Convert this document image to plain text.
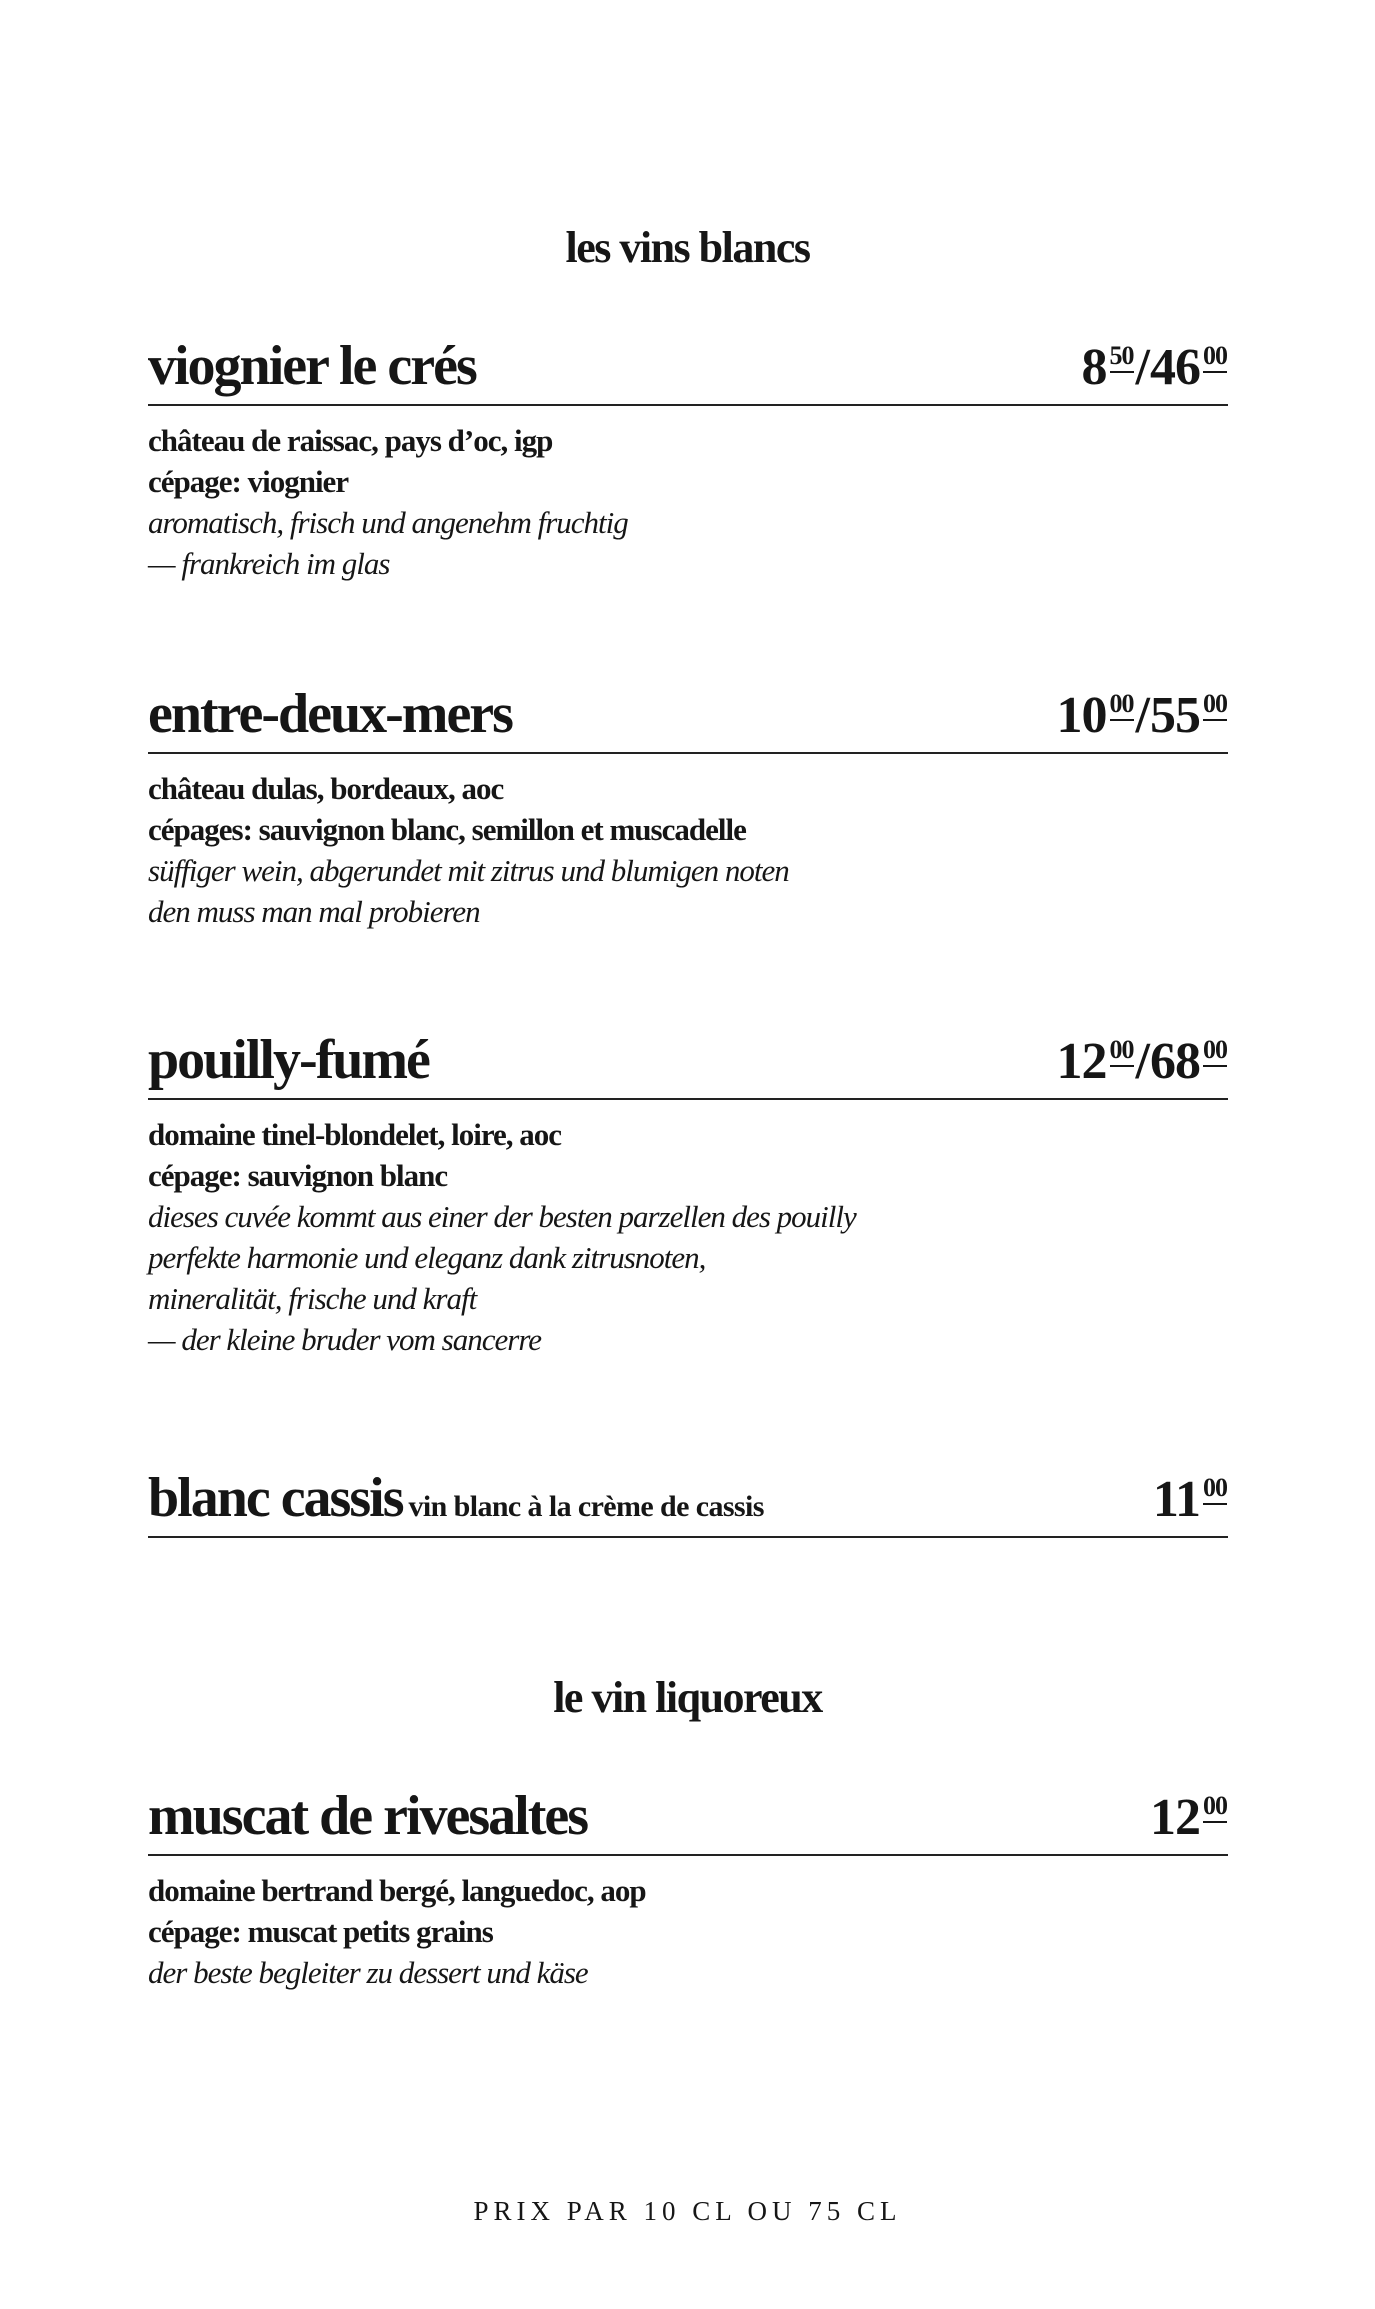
les vins blancs
viognier le crés	8 50/46 00
château de raissac, pays d’oc, igp
cépage: viognier
aromatisch, frisch und angenehm fruchtig
— frankreich im glas
entre-deux-mers	10 00/55 00
château dulas, bordeaux, aoc
cépages: sauvignon blanc, semillon et muscadelle
süffiger wein, abgerundet mit zitrus und blumigen noten
den muss man mal probieren
pouilly-fumé	12 00/68 00
domaine tinel-blondelet, loire, aoc
cépage: sauvignon blanc
dieses cuvée kommt aus einer der besten parzellen des pouilly
perfekte harmonie und eleganz dank zitrusnoten,
mineralität, frische und kraft
— der kleine bruder vom sancerre
blanc cassis vin blanc à la crème de cassis	11 00
le vin liquoreux
muscat de rivesaltes	12 00
domaine bertrand bergé, languedoc, aop
cépage: muscat petits grains
der beste begleiter zu dessert und käse
PRIX PAR 10 CL OU 75 CL
